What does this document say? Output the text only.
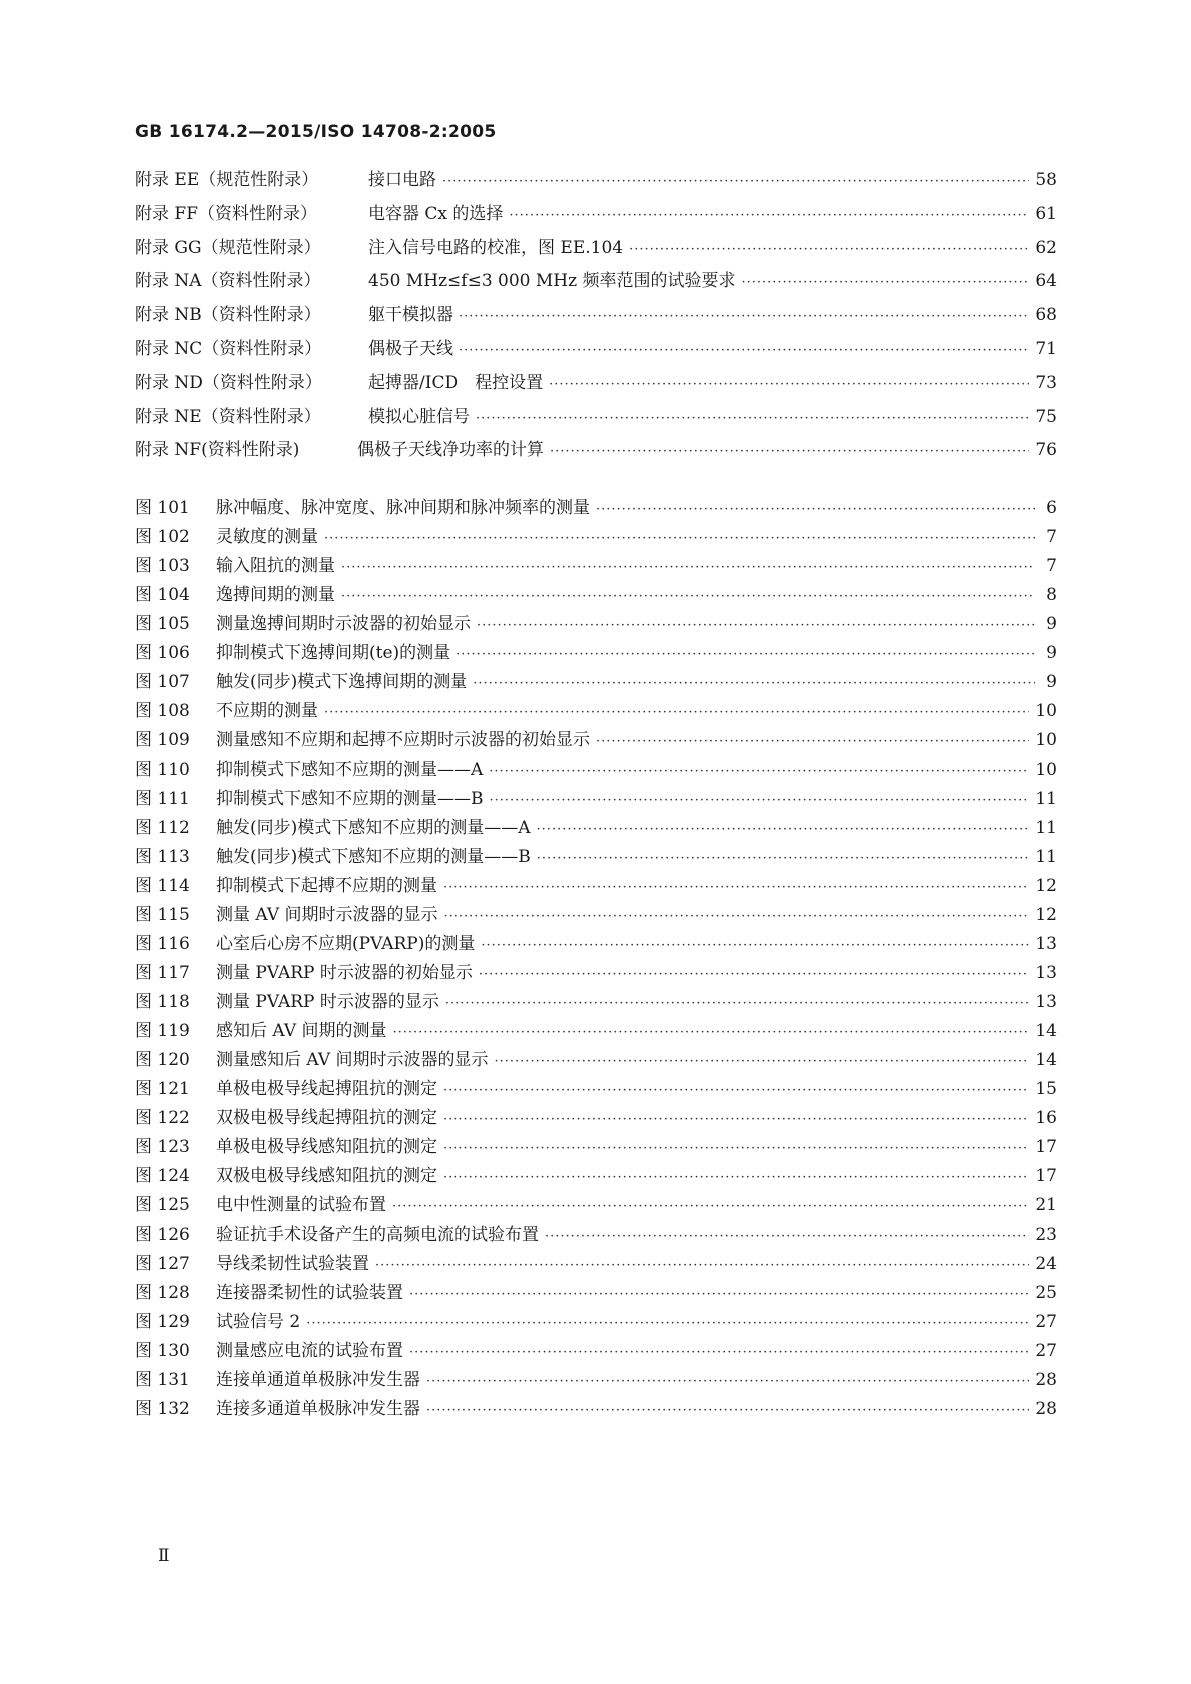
GB 16174.2—2015/ISO 14708-2:2005
附录 EE（规范性附录）	接口电路 ·····	58
附录 FF（资料性附录）	电容器 Cx 的选择 ·····	61
附录 GG（规范性附录）	注入信号电路的校准，图 EE.104 ·····	62
附录 NA（资料性附录）	450 MHz≤f≤3 000 MHz 频率范围的试验要求 ·····	64
附录 NB（资料性附录）	躯干模拟器 ·····	68
附录 NC（资料性附录）	偶极子天线 ·····	71
附录 ND（资料性附录）	起搏器/ICD　程控设置 ·····	73
附录 NE（资料性附录）	模拟心脏信号 ·····	75
附录 NF(资料性附录)	偶极子天线净功率的计算 ·····	76
图 101	脉冲幅度、脉冲宽度、脉冲间期和脉冲频率的测量 ·····	6
图 102	灵敏度的测量 ·····	7
图 103	输入阻抗的测量 ·····	7
图 104	逸搏间期的测量 ·····	8
图 105	测量逸搏间期时示波器的初始显示 ·····	9
图 106	抑制模式下逸搏间期(te)的测量 ·····	9
图 107	触发(同步)模式下逸搏间期的测量 ·····	9
图 108	不应期的测量 ·····	10
图 109	测量感知不应期和起搏不应期时示波器的初始显示 ·····	10
图 110	抑制模式下感知不应期的测量——A ·····	10
图 111	抑制模式下感知不应期的测量——B ·····	11
图 112	触发(同步)模式下感知不应期的测量——A ·····	11
图 113	触发(同步)模式下感知不应期的测量——B ·····	11
图 114	抑制模式下起搏不应期的测量 ·····	12
图 115	测量 AV 间期时示波器的显示 ·····	12
图 116	心室后心房不应期(PVARP)的测量 ·····	13
图 117	测量 PVARP 时示波器的初始显示 ·····	13
图 118	测量 PVARP 时示波器的显示 ·····	13
图 119	感知后 AV 间期的测量 ·····	14
图 120	测量感知后 AV 间期时示波器的显示 ·····	14
图 121	单极电极导线起搏阻抗的测定 ·····	15
图 122	双极电极导线起搏阻抗的测定 ·····	16
图 123	单极电极导线感知阻抗的测定 ·····	17
图 124	双极电极导线感知阻抗的测定 ·····	17
图 125	电中性测量的试验布置 ·····	21
图 126	验证抗手术设备产生的高频电流的试验布置 ·····	23
图 127	导线柔韧性试验装置 ·····	24
图 128	连接器柔韧性的试验装置 ·····	25
图 129	试验信号 2 ·····	27
图 130	测量感应电流的试验布置 ·····	27
图 131	连接单通道单极脉冲发生器 ·····	28
图 132	连接多通道单极脉冲发生器 ·····	28
Ⅱ
